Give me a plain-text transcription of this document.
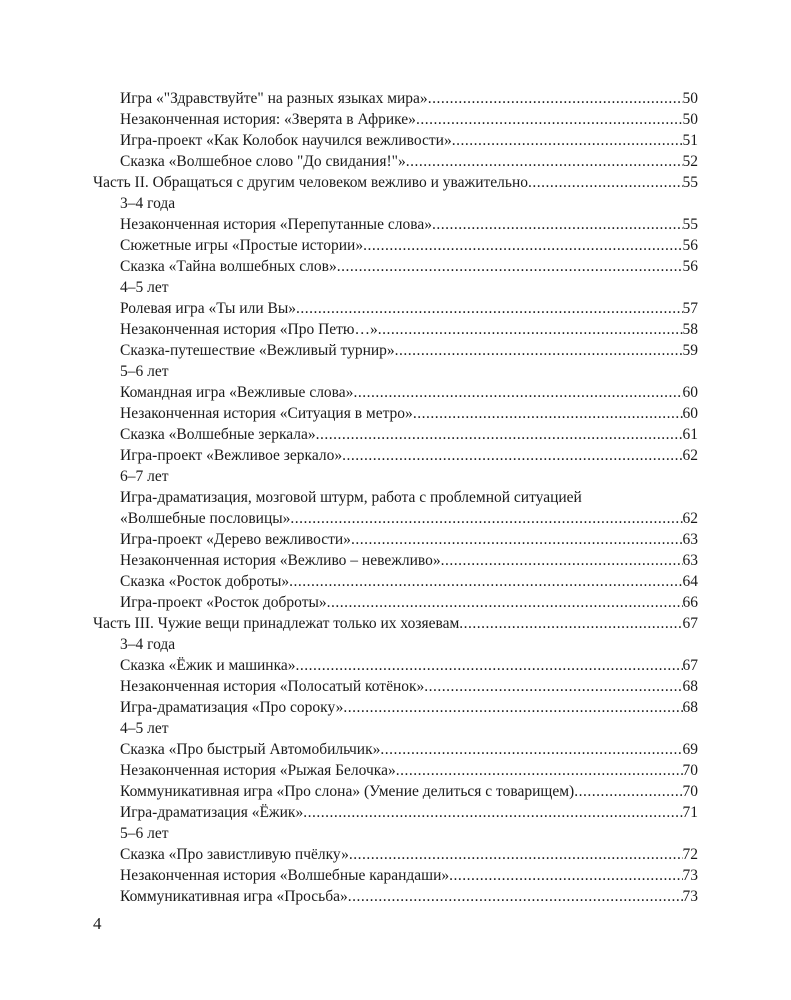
Игра «"Здравствуйте" на разных языках мира» .....	50
Незаконченная история: «Зверята в Африке» .....	50
Игра-проект «Как Колобок научился вежливости» .....	51
Сказка «Волшебное слово "До свидания!"» .....	52
Часть II. Обращаться с другим человеком вежливо и уважительно .....	55
3–4 года
Незаконченная история «Перепутанные слова» .....	55
Сюжетные игры «Простые истории» .....	56
Сказка «Тайна волшебных слов» .....	56
4–5 лет
Ролевая игра «Ты или Вы» .....	57
Незаконченная история «Про Петю…» .....	58
Сказка-путешествие «Вежливый турнир» .....	59
5–6 лет
Командная игра «Вежливые слова» .....	60
Незаконченная история «Ситуация в метро» .....	60
Сказка «Волшебные зеркала» .....	61
Игра-проект «Вежливое зеркало» .....	62
6–7 лет
Игра-драматизация, мозговой штурм, работа с проблемной ситуацией
«Волшебные пословицы» .....	62
Игра-проект «Дерево вежливости» .....	63
Незаконченная история «Вежливо – невежливо» .....	63
Сказка «Росток доброты» .....	64
Игра-проект «Росток доброты» .....	66
Часть III. Чужие вещи принадлежат только их хозяевам .....	67
3–4 года
Сказка «Ёжик и машинка» .....	67
Незаконченная история «Полосатый котёнок» .....	68
Игра-драматизация «Про сороку» .....	68
4–5 лет
Сказка «Про быстрый Автомобильчик» .....	69
Незаконченная история «Рыжая Белочка» .....	70
Коммуникативная игра «Про слона» (Умение делиться с товарищем) .....	70
Игра-драматизация «Ёжик» .....	71
5–6 лет
Сказка «Про завистливую пчёлку» .....	72
Незаконченная история «Волшебные карандаши» .....	73
Коммуникативная игра «Просьба» .....	73
4
